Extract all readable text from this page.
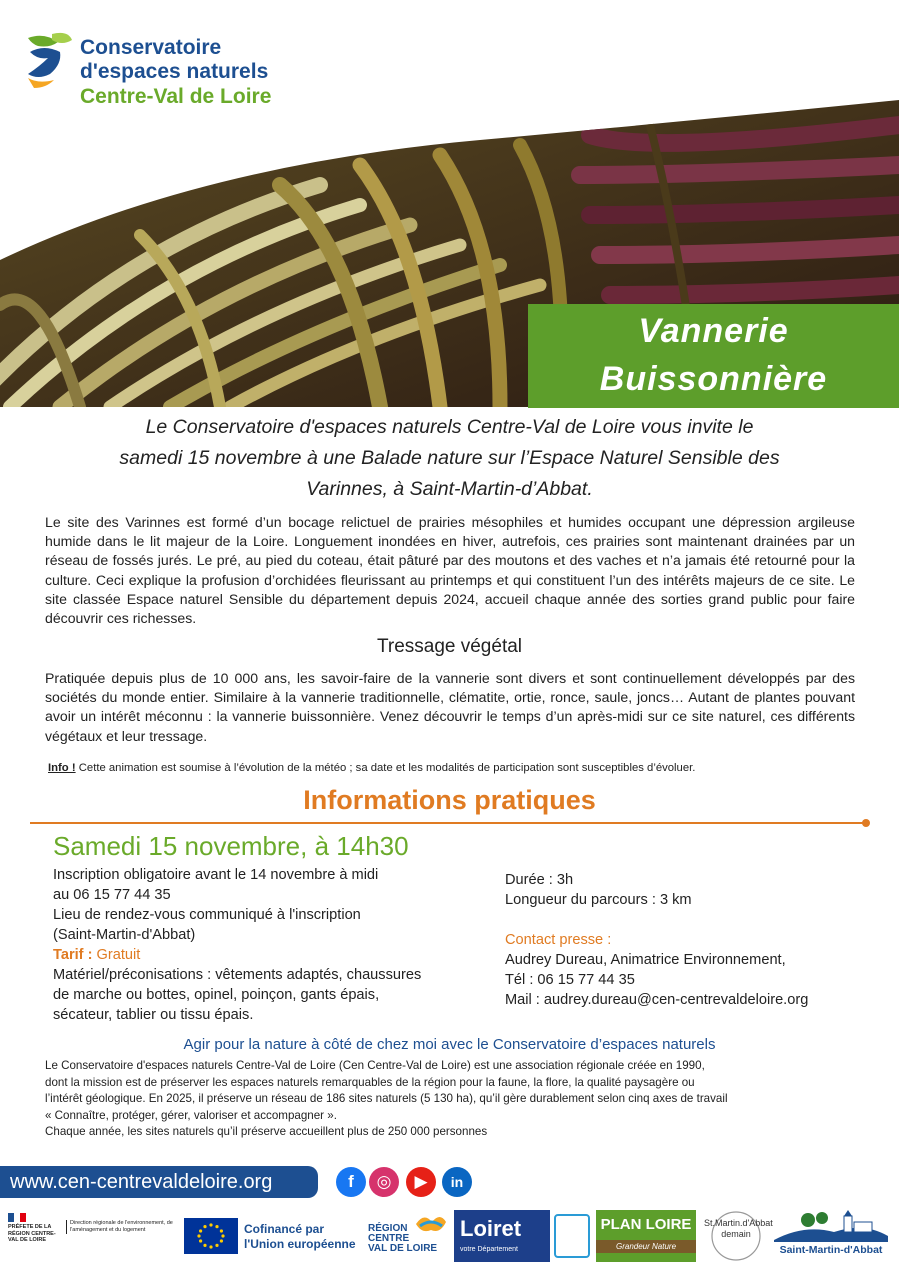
Conservatoire
d'espaces naturels
Centre-Val de Loire
Vannerie
Buissonnière
Le Conservatoire d'espaces naturels Centre-Val de Loire vous invite le
samedi 15 novembre à une Balade nature sur l’Espace Naturel Sensible des
Varinnes, à Saint-Martin-d’Abbat.

Le site des Varinnes est formé d’un bocage relictuel de prairies mésophiles et humides occupant une dépression argileuse humide dans le lit majeur de la Loire. Longuement inondées en hiver, autrefois, ces prairies sont maintenant drainées par un réseau de fossés jurés. Le pré, au pied du coteau, était pâturé par des moutons et des vaches et n’a jamais été retourné pour la culture. Ceci explique la profusion d’orchidées fleurissant au printemps et qui constituent l’un des intérêts majeurs de ce site. Le site classée Espace naturel Sensible du département depuis 2024, accueil chaque année des sorties grand public pour faire découvrir ces richesses.

Tressage végétal

Pratiquée depuis plus de 10 000 ans, les savoir-faire de la vannerie sont divers et sont continuellement développés par des sociétés du monde entier. Similaire à la vannerie traditionnelle, clématite, ortie, ronce, saule, joncs… Autant de plantes pouvant avoir un intérêt méconnu : la vannerie buissonnière. Venez découvrir le temps d’un après-midi sur ce site naturel, ces différents végétaux et leur tressage.

Info ! Cette animation est soumise à l’évolution de la météo ; sa date et les modalités de participation sont susceptibles d’évoluer.
Informations pratiques
Samedi 15 novembre, à 14h30
Inscription obligatoire avant le 14 novembre à midi
au 06 15 77 44 35
Lieu de rendez-vous communiqué à l'inscription
(Saint-Martin-d'Abbat)
Tarif : Gratuit
Matériel/préconisations : vêtements adaptés, chaussures
de marche ou bottes, opinel, poinçon, gants épais,
sécateur, tablier ou tissu épais.
Durée : 3h
Longueur du parcours : 3 km
Contact presse :
Audrey Dureau, Animatrice Environnement,
Tél : 06 15 77 44 35
Mail : audrey.dureau@cen-centrevaldeloire.org
Agir pour la nature à côté de chez moi avec le Conservatoire d’espaces naturels
Le Conservatoire d'espaces naturels Centre-Val de Loire (Cen Centre-Val de Loire) est une association régionale créée en 1990,
dont la mission est de préserver les espaces naturels remarquables de la région pour la faune, la flore, la qualité paysagère ou
l’intérêt géologique. En 2025, il préserve un réseau de 186 sites naturels (5 130 ha), qu’il gère durablement selon cinq axes de travail
« Connaître, protéger, gérer, valoriser et accompagner ».
Chaque année, les sites naturels qu’il préserve accueillent plus de 250 000 personnes
www.cen-centrevaldeloire.org	f	◎	▶	in
PRÉFETE DE LA RÉGION CENTRE-VAL DE LOIRE
Direction régionale de l'environnement, de l'aménagement et du logement	Cofinancé par
l'Union européenne
RÉGION
CENTRE
VAL DE LOIRE
Loiret
votre Département
PLAN LOIRE
Grandeur Nature
St.Martin.d'Abbat
demain
Saint-Martin-d'Abbat
